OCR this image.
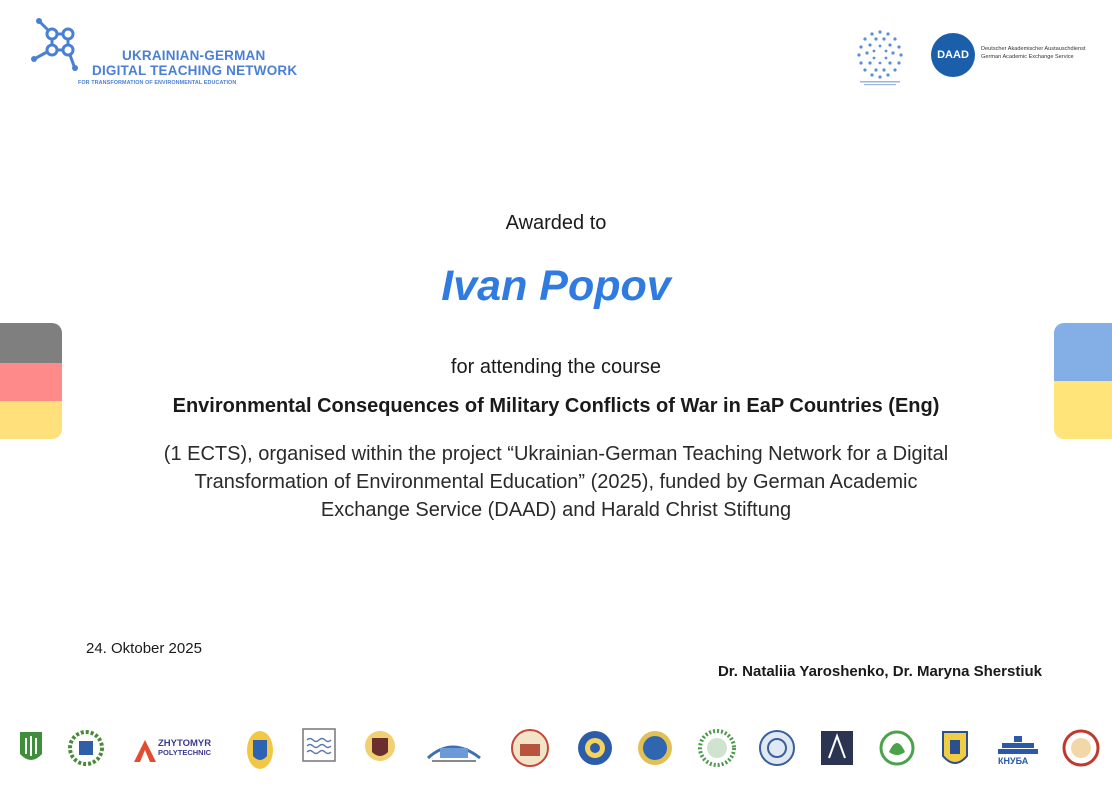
UKRAINIAN-GERMAN
DIGITAL TEACHING NETWORK
FOR TRANSFORMATION OF ENVIRONMENTAL EDUCATION
DAAD	Deutscher Akademischer Austauschdienst
German Academic Exchange Service
Awarded to
Ivan Popov
for attending the course
Environmental Consequences of Military Conflicts of War in EaP Countries (Eng)
(1 ECTS), organised within the project “Ukrainian-German Teaching Network for a Digital
Transformation of Environmental Education” (2025), funded by German Academic
Exchange Service (DAAD) and Harald Christ Stiftung
24. Oktober 2025
Dr. Nataliia Yaroshenko, Dr. Maryna Sherstiuk
ZHYTOMYR
POLYTECHNIC
КНУБА
